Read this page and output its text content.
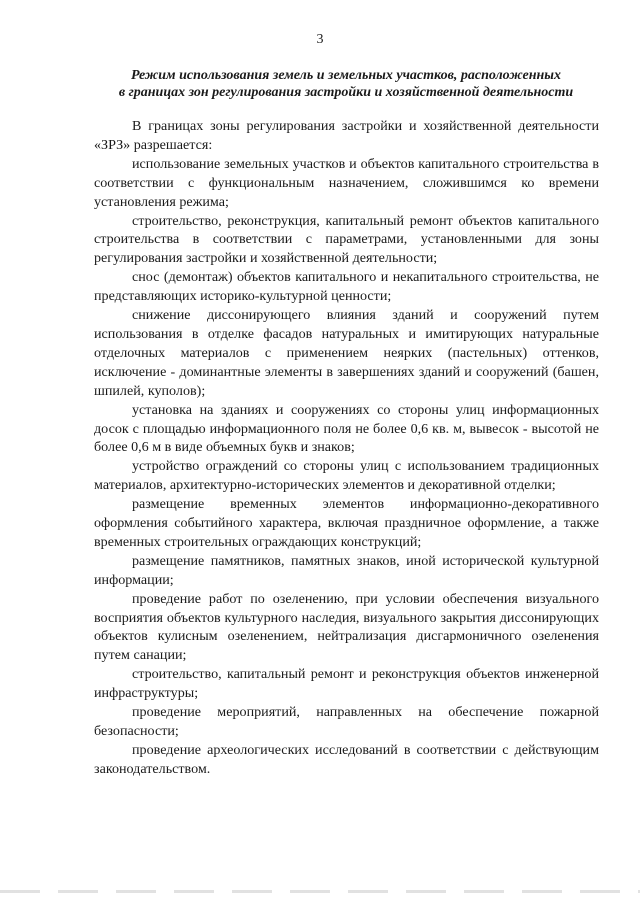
3
Режим использования земель и земельных участков, расположенных
в границах зон регулирования застройки и хозяйственной деятельности

В границах зоны регулирования застройки и хозяйственной деятельности «ЗРЗ» разрешается:

использование земельных участков и объектов капитального строительства в соответствии с функциональным назначением, сложившимся ко времени установления режима;

строительство, реконструкция, капитальный ремонт объектов капитального строительства в соответствии с параметрами, установленными для зоны регулирования застройки и хозяйственной деятельности;

снос (демонтаж) объектов капитального и некапитального строительства, не представляющих историко-культурной ценности;

снижение диссонирующего влияния зданий и сооружений путем использования в отделке фасадов натуральных и имитирующих натуральные отделочных материалов с применением неярких (пастельных) оттенков, исключение - доминантные элементы в завершениях зданий и сооружений (башен, шпилей, куполов);

установка на зданиях и сооружениях со стороны улиц информационных досок с площадью информационного поля не более 0,6 кв. м, вывесок - высотой не более 0,6 м в виде объемных букв и знаков;

устройство ограждений со стороны улиц с использованием традиционных материалов, архитектурно-исторических элементов и декоративной отделки;

размещение временных элементов информационно-декоративного оформления событийного характера, включая праздничное оформление, а также временных строительных ограждающих конструкций;

размещение памятников, памятных знаков, иной исторической культурной информации;

проведение работ по озеленению, при условии обеспечения визуального восприятия объектов культурного наследия, визуального закрытия диссонирующих объектов кулисным озеленением, нейтрализация дисгармоничного озеленения путем санации;

строительство, капитальный ремонт и реконструкция объектов инженерной инфраструктуры;

проведение мероприятий, направленных на обеспечение пожарной безопасности;

проведение археологических исследований в соответствии с действующим законодательством.
